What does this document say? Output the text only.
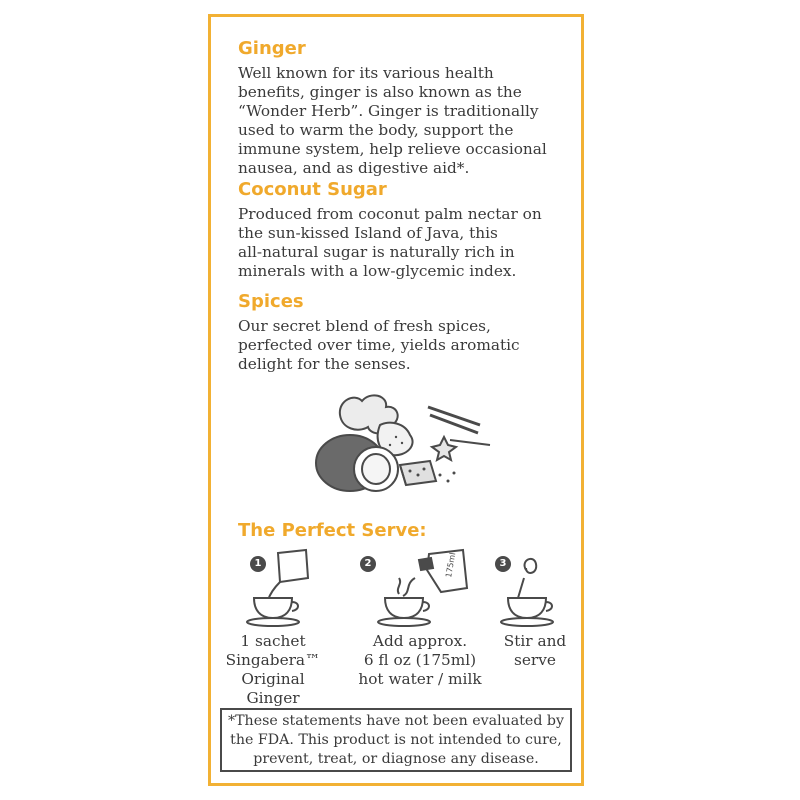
Ginger

Well known for its various health
benefits, ginger is also known as the
“Wonder Herb”. Ginger is traditionally
used to warm the body, support the
immune system, help relieve occasional
nausea, and as digestive aid*.

Coconut Sugar

Produced from coconut palm nectar on
the sun-kissed Island of Java, this
all-natural sugar is naturally rich in
minerals with a low-glycemic index.

Spices

Our secret blend of fresh spices,
perfected over time, yields aromatic
delight for the senses.

The Perfect Serve:
1
1 sachet
Singabera™
Original
Ginger
2	175ml
Add approx.
6 fl oz (175ml)
hot water / milk
3
Stir and
serve
*These statements have not been evaluated by the FDA. This product is not intended to cure, prevent, treat, or diagnose any disease.
